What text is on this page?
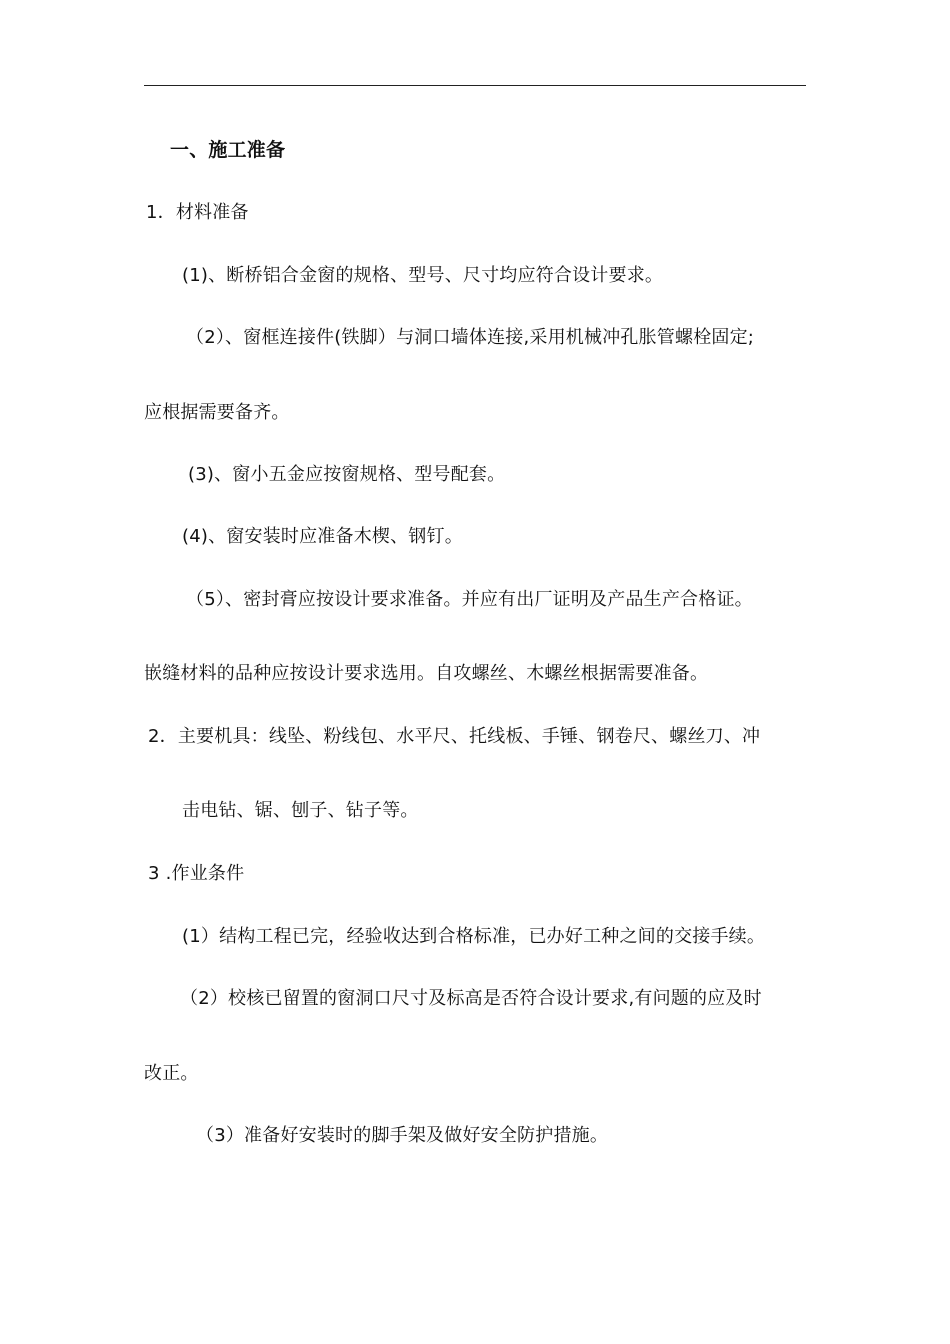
一、施工准备
1．材料准备
(1)、断桥铝合金窗的规格、型号、尺寸均应符合设计要求。
（2）、窗框连接件(铁脚）与洞口墙体连接,采用机械冲孔胀管螺栓固定;
应根据需要备齐。
(3)、窗小五金应按窗规格、型号配套。
(4)、窗安装时应准备木楔、钢钉。
（5）、密封膏应按设计要求准备。并应有出厂证明及产品生产合格证。
嵌缝材料的品种应按设计要求选用。自攻螺丝、木螺丝根据需要准备。
2．主要机具：线坠、粉线包、水平尺、托线板、手锤、钢卷尺、螺丝刀、冲
击电钻、锯、刨子、钻子等。
3 .作业条件
(1）结构工程已完，经验收达到合格标准，已办好工种之间的交接手续。
（2）校核已留置的窗洞口尺寸及标高是否符合设计要求,有问题的应及时
改正。
（3）准备好安装时的脚手架及做好安全防护措施。
